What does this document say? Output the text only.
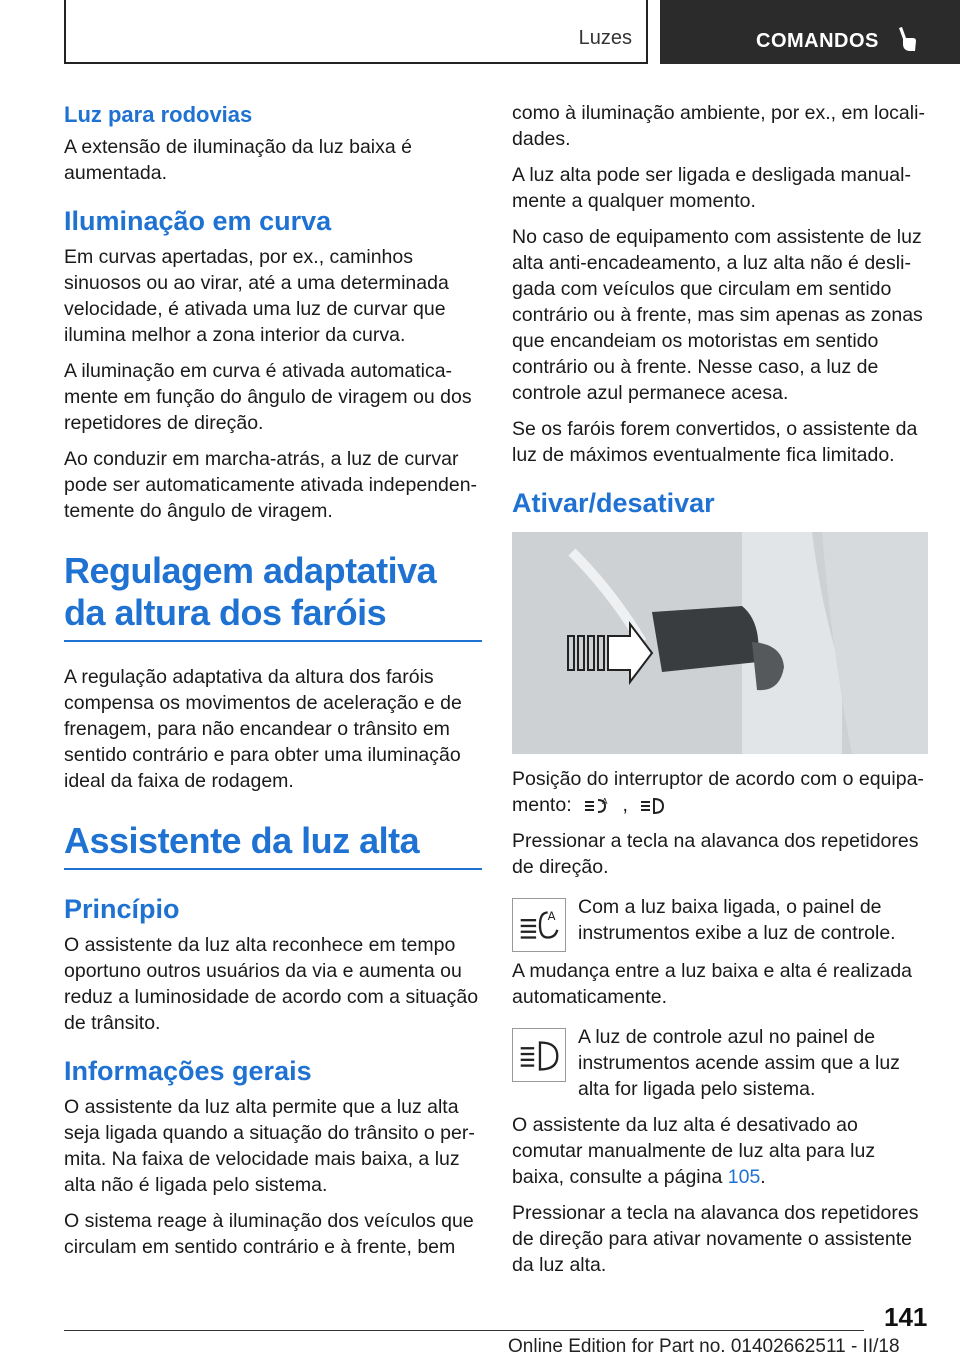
Luzes	COMANDOS
Luz para rodovias

A extensão de iluminação da luz baixa é aumentada.

Iluminação em curva

Em curvas apertadas, por ex., caminhos sinuosos ou ao virar, até a uma determinada velocidade, é ativada uma luz de curvar que ilumina melhor a zona interior da curva.

A iluminação em curva é ativada automaticamente em função do ângulo de viragem ou dos repetidores de direção.

Ao conduzir em marcha-atrás, a luz de curvar pode ser automaticamente ativada independentemente do ângulo de viragem.

Regulagem adaptativa da altura dos faróis

A regulação adaptativa da altura dos faróis compensa os movimentos de aceleração e de frenagem, para não encandear o trânsito em sentido contrário e para obter uma iluminação ideal da faixa de rodagem.

Assistente da luz alta
Princípio

O assistente da luz alta reconhece em tempo oportuno outros usuários da via e aumenta ou reduz a luminosidade de acordo com a situação de trânsito.

Informações gerais

O assistente da luz alta permite que a luz alta seja ligada quando a situação do trânsito o permita. Na faixa de velocidade mais baixa, a luz alta não é ligada pelo sistema.

O sistema reage à iluminação dos veículos que circulam em sentido contrário e à frente, bem

como à iluminação ambiente, por ex., em localidades.

A luz alta pode ser ligada e desligada manualmente a qualquer momento.

No caso de equipamento com assistente de luz alta anti-encadeamento, a luz alta não é desligada com veículos que circulam em sentido contrário ou à frente, mas sim apenas as zonas que encandeiam os motoristas em sentido contrário ou à frente. Nesse caso, a luz de controle azul permanece acesa.

Se os faróis forem convertidos, o assistente da luz de máximos eventualmente fica limitado.

Ativar/desativar

Posição do interruptor de acordo com o equipamento:	A ,

Pressionar a tecla na alavanca dos repetidores de direção.

A Com a luz baixa ligada, o painel de instrumentos exibe a luz de controle.

A mudança entre a luz baixa e alta é realizada automaticamente.

A luz de controle azul no painel de instrumentos acende assim que a luz alta for ligada pelo sistema.

O assistente da luz alta é desativado ao comutar manualmente de luz alta para luz baixa, consulte a página 105.

Pressionar a tecla na alavanca dos repetidores de direção para ativar novamente o assistente da luz alta.

141
Online Edition for Part no. 01402662511 - II/18
